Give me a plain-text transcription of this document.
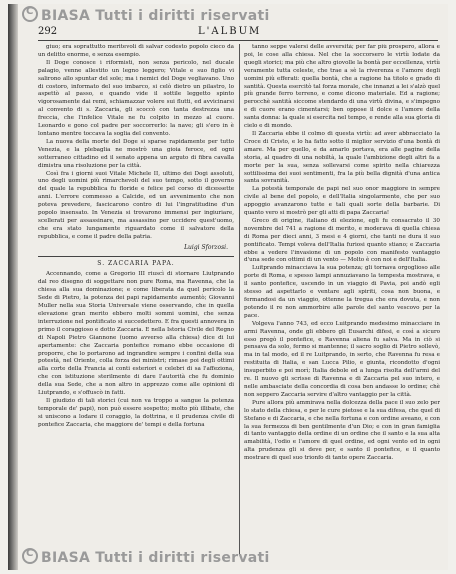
CBIASA Tutti i diritti riservati
292	L'ALBUM

giuo; era soprattutto meritevoli di salvar codesto popolo cieco da un delitto enorme, e senza esempio.

Il Doge conosce i riformisti, non senza pericolo, nel ducale palagio, venne allestito un legno leggero; Vitale e suo figlio vi salirono allo spuntar del sole; ma i nemici del Doge vegliavano. Uno di costoro, informato del suo imbarco, si celò dietro un pilastro, lo aspettò al passo, e quando vide il sottile leggetto spinto vigorosamente dai remi, schiamazzar volere sui flutti, ed avvicinarsi al convento di s. Zaccaria, gli scoccò con tanta destrezza una freccia, che l'infelice Vitale ne fu colpito in mezzo al cuore. Leonardo e gono col padre per soccorrerlo: la nave; gli s'ero in è lontano mentre toccava la soglia del convento.

La nuova della morte del Doge si sparse rapidamente per tutto Venezia, e la plebaglia ne mostrò una gioia feroce, ed ogni sotterraneo cittadino ed il senato appena un arguto di fibra cavalla dimistra una risoluzione per la città.

Così fra i giorni suoi Vitale Michele II, ultimo dei Dogi assoluti, uno degli uomini più rimarchevoli del suo tempo, sotto il governo del quale la repubblica fu floride e felice pel corso di dicessette anni. L'errore commesso a Calcide, ed un avvenimento che non poteva prevedere, fascicarono contro di lui l'ingratitudine d'un popolo insensato. In Venezia si trovarono immensi per ingiuriare, scellerati per assassinare, ma assassino per uccidere quest'uomo, che era stato lungamente riguardato come il salvatore della repubblica, e come il padre della patria.

Luigi Sforzosi.
S. ZACCARIA PAPA.

Accennando, come a Gregorio III riuscì di stornare Liutprando dal reo disegno di soggettare non pure Roma, ma Ravenna, che la chiesa alla sua dominazione; e come liberata da quel pericolo la Sede di Pietro, la potenza dei papi rapidamente aumentò; Giovanni Muller nella sua Storia Universale viene osservando, che in quella elevazione gran merito ebbero molti sommi uomini, che senza interruzione nel pontificato si succedettero. E fra questi annovera in primo il coraggioso e dotto Zaccaria. E nella Istoria Civile del Regno di Napoli Pietro Giannone (uomo avverso alla chiesa) dice di lui apertamente: che Zaccaria pontefice romano ebbe occasione di proporre, che lo portarono ad ingrandire sempre i confini della sua potestà, nel Oriente, colla forza dei ministri; rimase poi degli ottimi alla corte della Francia ai conti esteriori e celebri di sa l'affeziona, che con istituzione sterilmente di dare l'autorità che fu dominio della sua Sede, che a non altro in apprezzo come alle opinioni di Liutprando, e s'offuscò in fatti.

Il giudizio di tali storici (cui non va troppo a sangue la potenza temporale de' papi), non può essere sospetto; molto più illibate, che si uniscono a lodare il coraggio, la dottrina, e il prudenza civile di pontefice Zaccaria, che maggiore de' tempi e della fortuna

tanno seppe valersi delle avversità; per far più prospero, allora e poi, le cose alla chiesa. Nel che la soccorsero le virtù lodate da quegli storici; ma più che altro giovolle la bontà per eccellenza, virtù veramente tutta celeste, che trae a sè la riverenza e l'amore degli uomini più efferati: quella bontà, che a ragione ha titolo e grado di santità. Questa esercitò tal forza morale, che innanzi a lei s'alzò quel più grande ferro terreno, e come dicono materiale. Ed a ragione; perocchè santità siccome stendardo di una virtù divina, e s'impegno e di cuore erano cimentarsi; ben oppose il dolce e l'amore della santa donna: la quale si esercita nel tempo, e rende alla sua gloria di cielo e di mondo.

Il Zaccaria ebbe il colmo di questa virtù: ad aver abbracciato la Croce di Cristo, e lo ha fatto sotto il miglior servizio d'una bontà di amare. Ma per quello, e da amarlo portava, era alle pagine della storia, al quadro di una nobiltà, la quale l'ambizione degli altri fa a morte per la sua, senza sollevarsi come spirito nella chiarezza sottilissima dei suoi sentimenti, fra la più bella dignità d'una antica santa sovranità.

La potestà temporale de papi nel suo onor maggiore in sempre civile al bene del popolo, e dell'Italia singolarmente, che per suo appoggio avanzarono tutte e tali quali sorte della barbarie. Di quanto vero si mostrò per gli atti di papa Zaccaria!

Greco di origine, italiano di elezione, egli fu consacrato il 30 novembre del 741 a ragione di merito, e moderava di quella chiesa di Roma per dieci anni, 3 mesi e 4 giorni, che tanti ne dura il suo pontificato. Tempi voleva dell'Italia furiosi quanto stiano; e Zaccaria ebbe a vedere l'invasione di un popolo con manifesto vantaggio d'una sede con ottimi di un vento — Molto è con noi e dell'Italia.

Luitprando minacciava la sua potenza; gli tornava orgoglioso alle porte di Roma, e spesso lampi annuziavano la tempesta mostrava, e il santo pontefice, uscendo in un viaggio di Pavia, poi andò egli stesso ad aspettarlo e ventare agli spiriti, cosa non buona, e fermandosi da un viaggio, ottenne la tregua che era dovuta, e non potendo il re non ammorbire alle parole del santo vescovo per la pace.

Volgeva l'anno 743, ed ecco Luitprando medesimo minacciare in armi Ravenna, onde gli ebbero gli Eusarchi difesi, e così a sicuro esso pregò il pontefice, e Ravenna aliena fu salva. Ma in ciò si pensava da solo, fermo si mantenne; il sacro soglio di Pietro sollevò, ma in tal modo, ed il re Luitprando, in serto, che Ravenna fu resa e restituita di Italia, e san Lucca Pilio, e giunta, ricondotto d'ogni insuperbito e poi morì; Italia debole ed a lunga risolta dell'armi del re. Il nuovo gli scrisse di Ravenna e di Zaccaria pel suo intero, e nelle ambasciate della concordia di cosa ben andasse lo ordine; chè non seppero Zaccaria servire d'altro vantaggio per la città.

Pure allora più ammirava nella dolcezza della pace il suo zelo per lo stato della chiesa, e per le cure pietose e la sua difesa, che quel di Stefano e di Zaccaria, e che nella fortuna e con ordine aveano, e con la sua fermezza di ben gentilmente d'un Dio; e con in gran famiglia di tanto vantaggio della ordine di un ordine che il santo e la sua alta amabilità, l'odio e l'amore di quel ordine, ed ogni vento ed in ogni alta prudenza gli si deve per, e santo il pontefice, e il quanto mostrare di quel suo trionfo di tante opere Zaccaria.

CBIASA Tutti i diritti riservati
